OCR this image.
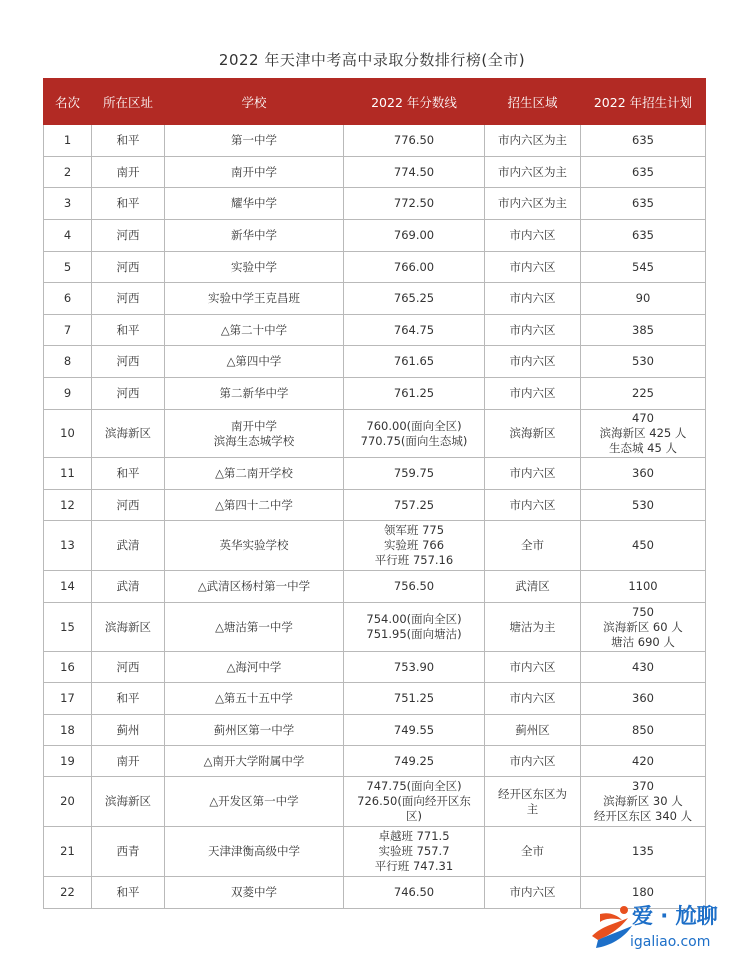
2022 年天津中考高中录取分数排行榜(全市)
名次	所在区址	学校	2022 年分数线	招生区域	2022 年招生计划
1	和平	第一中学	776.50	市内六区为主	635

2	南开	南开中学	774.50	市内六区为主	635

3	和平	耀华中学	772.50	市内六区为主	635

4	河西	新华中学	769.00	市内六区	635

5	河西	实验中学	766.00	市内六区	545

6	河西	实验中学王克昌班	765.25	市内六区	90

7	和平	△第二十中学	764.75	市内六区	385

8	河西	△第四中学	761.65	市内六区	530

9	河西	第二新华中学	761.25	市内六区	225

10	滨海新区	南开中学
滨海生态城学校	760.00(面向全区)
770.75(面向生态城)	滨海新区	470
滨海新区 425 人
生态城 45 人

11	和平	△第二南开学校	759.75	市内六区	360

12	河西	△第四十二中学	757.25	市内六区	530

13	武清	英华实验学校	领军班 775
实验班 766
平行班 757.16	全市	450

14	武清	△武清区杨村第一中学	756.50	武清区	1100

15	滨海新区	△塘沽第一中学	754.00(面向全区)
751.95(面向塘沽)	塘沽为主	750
滨海新区 60 人
塘沽 690 人

16	河西	△海河中学	753.90	市内六区	430

17	和平	△第五十五中学	751.25	市内六区	360

18	蓟州	蓟州区第一中学	749.55	蓟州区	850

19	南开	△南开大学附属中学	749.25	市内六区	420

20	滨海新区	△开发区第一中学	747.75(面向全区)
726.50(面向经开区东
区)	经开区东区为
主	370
滨海新区 30 人
经开区东区 340 人

21	西青	天津津衡高级中学	卓越班 771.5
实验班 757.7
平行班 747.31	全市	135

22	和平	双菱中学	746.50	市内六区	180
爱 · 尬聊
igaliao.com
